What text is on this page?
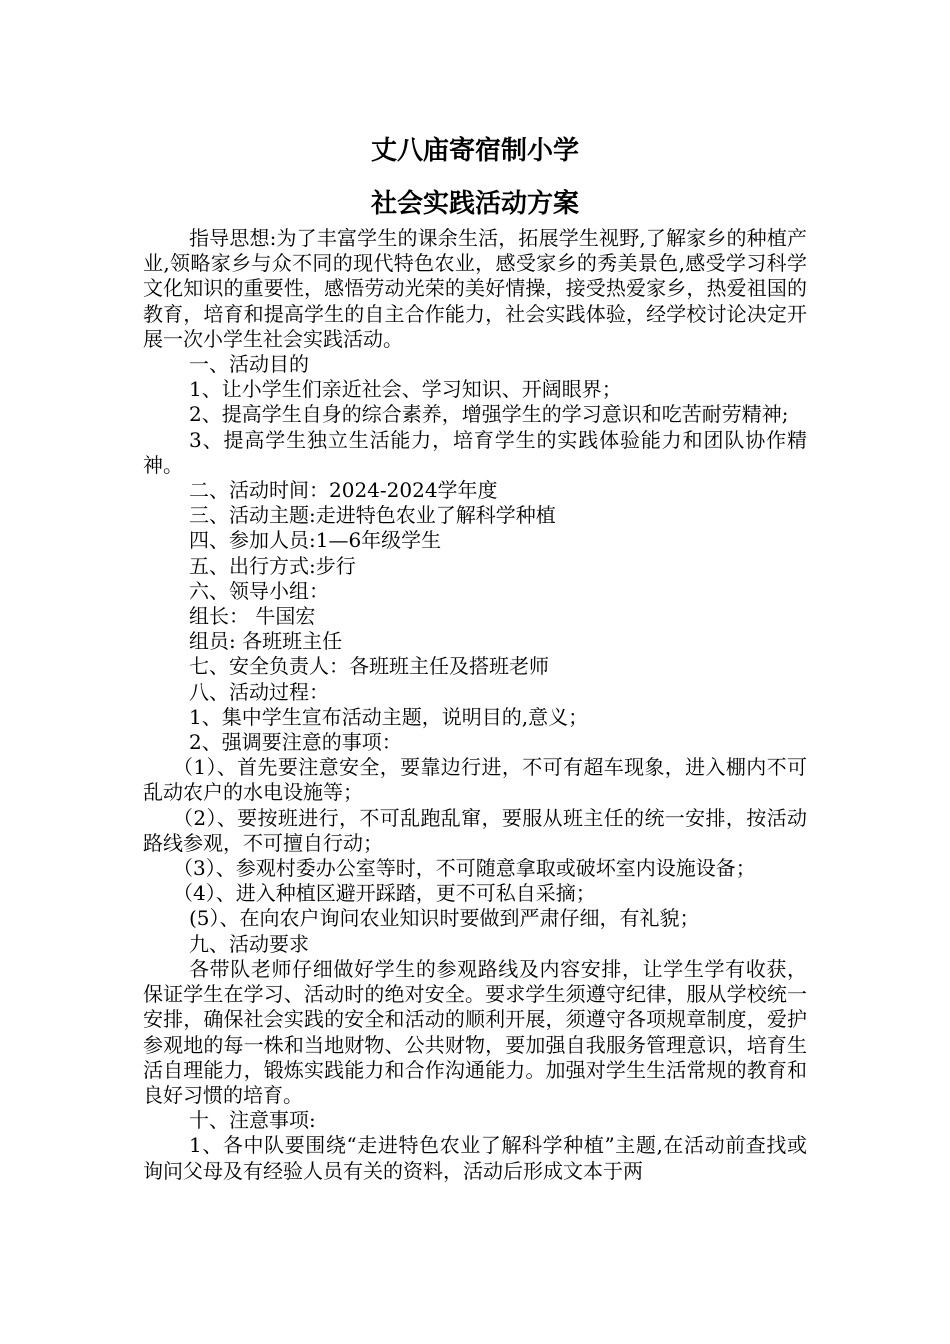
丈八庙寄宿制小学
社会实践活动方案

指导思想:为了丰富学生的课余生活，拓展学生视野,了解家乡的种植产业,领略家乡与众不同的现代特色农业，感受家乡的秀美景色,感受学习科学文化知识的重要性，感悟劳动光荣的美好情操，接受热爱家乡，热爱祖国的教育，培育和提高学生的自主合作能力，社会实践体验，经学校讨论决定开展一次小学生社会实践活动。

一、活动目的

1、让小学生们亲近社会、学习知识、开阔眼界；

2、提高学生自身的综合素养，增强学生的学习意识和吃苦耐劳精神;

3、提高学生独立生活能力，培育学生的实践体验能力和团队协作精神。

二、活动时间：2024-2024学年度

三、活动主题:走进特色农业了解科学种植

四、参加人员:1—6年级学生

五、出行方式:步行

六、领导小组：

组长： 牛国宏

组员: 各班班主任

七、安全负责人：各班班主任及搭班老师

八、活动过程：

1、集中学生宣布活动主题，说明目的,意义；

2、强调要注意的事项：

（1）、首先要注意安全，要靠边行进，不可有超车现象，进入棚内不可乱动农户的水电设施等；

（2）、要按班进行，不可乱跑乱窜，要服从班主任的统一安排，按活动路线参观，不可擅自行动；

（3）、参观村委办公室等时，不可随意拿取或破坏室内设施设备；

（4）、进入种植区避开踩踏，更不可私自采摘；

(5）、在向农户询问农业知识时要做到严肃仔细，有礼貌；

九、活动要求

各带队老师仔细做好学生的参观路线及内容安排，让学生学有收获，保证学生在学习、活动时的绝对安全。要求学生须遵守纪律，服从学校统一安排，确保社会实践的安全和活动的顺利开展，须遵守各项规章制度，爱护参观地的每一株和当地财物、公共财物，要加强自我服务管理意识，培育生活自理能力，锻炼实践能力和合作沟通能力。加强对学生生活常规的教育和良好习惯的培育。

十、注意事项:

1、各中队要围绕“走进特色农业了解科学种植”主题,在活动前查找或询问父母及有经验人员有关的资料，活动后形成文本于两
